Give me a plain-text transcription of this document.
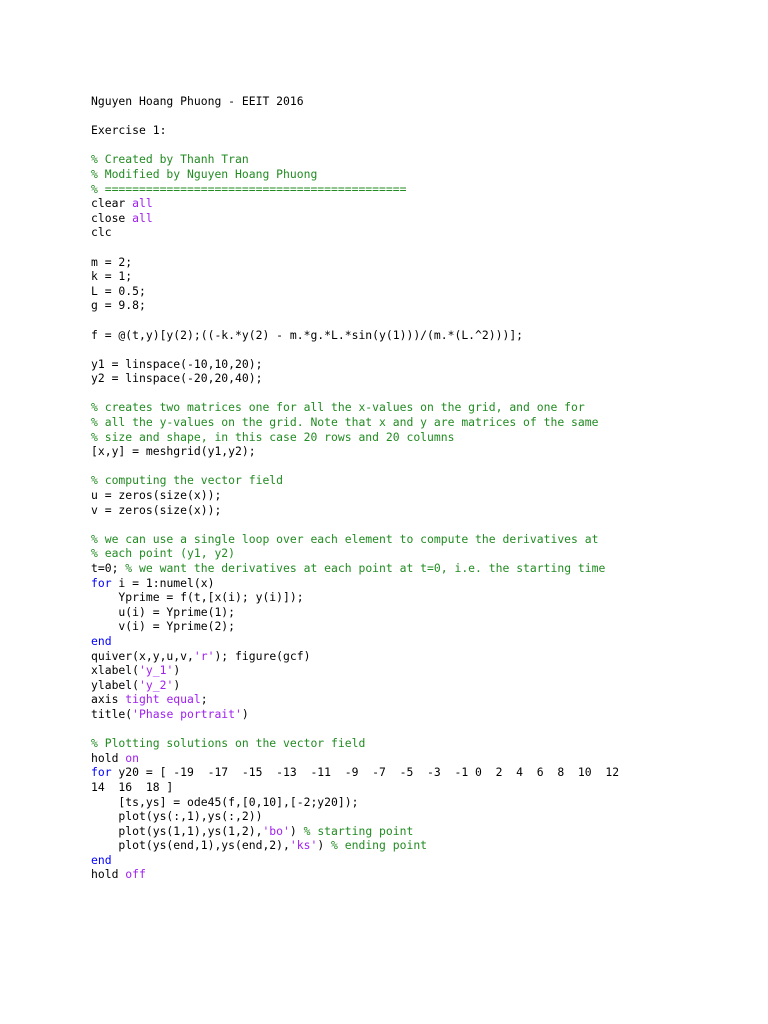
Nguyen Hoang Phuong - EEIT 2016
Exercise 1:
% Created by Thanh Tran
% Modified by Nguyen Hoang Phuong
% ============================================
clear all
close all
clc
m = 2;
k = 1;
L = 0.5;
g = 9.8;
f = @(t,y)[y(2);((-k.*y(2) - m.*g.*L.*sin(y(1)))/(m.*(L.^2)))];
y1 = linspace(-10,10,20);
y2 = linspace(-20,20,40);
% creates two matrices one for all the x-values on the grid, and one for
% all the y-values on the grid. Note that x and y are matrices of the same
% size and shape, in this case 20 rows and 20 columns
[x,y] = meshgrid(y1,y2);
% computing the vector field
u = zeros(size(x));
v = zeros(size(x));
% we can use a single loop over each element to compute the derivatives at
% each point (y1, y2)
t=0; % we want the derivatives at each point at t=0, i.e. the starting time
for i = 1:numel(x)
Yprime = f(t,[x(i); y(i)]);
u(i) = Yprime(1);
v(i) = Yprime(2);
end
quiver(x,y,u,v,'r'); figure(gcf)
xlabel('y_1')
ylabel('y_2')
axis tight equal;
title('Phase portrait')
% Plotting solutions on the vector field
hold on
for y20 = [ -19  -17  -15  -13  -11  -9  -7  -5  -3  -1 0  2  4  6  8  10  12
14  16  18 ]
[ts,ys] = ode45(f,[0,10],[-2;y20]);
plot(ys(:,1),ys(:,2))
plot(ys(1,1),ys(1,2),'bo') % starting point
plot(ys(end,1),ys(end,2),'ks') % ending point
end
hold off
